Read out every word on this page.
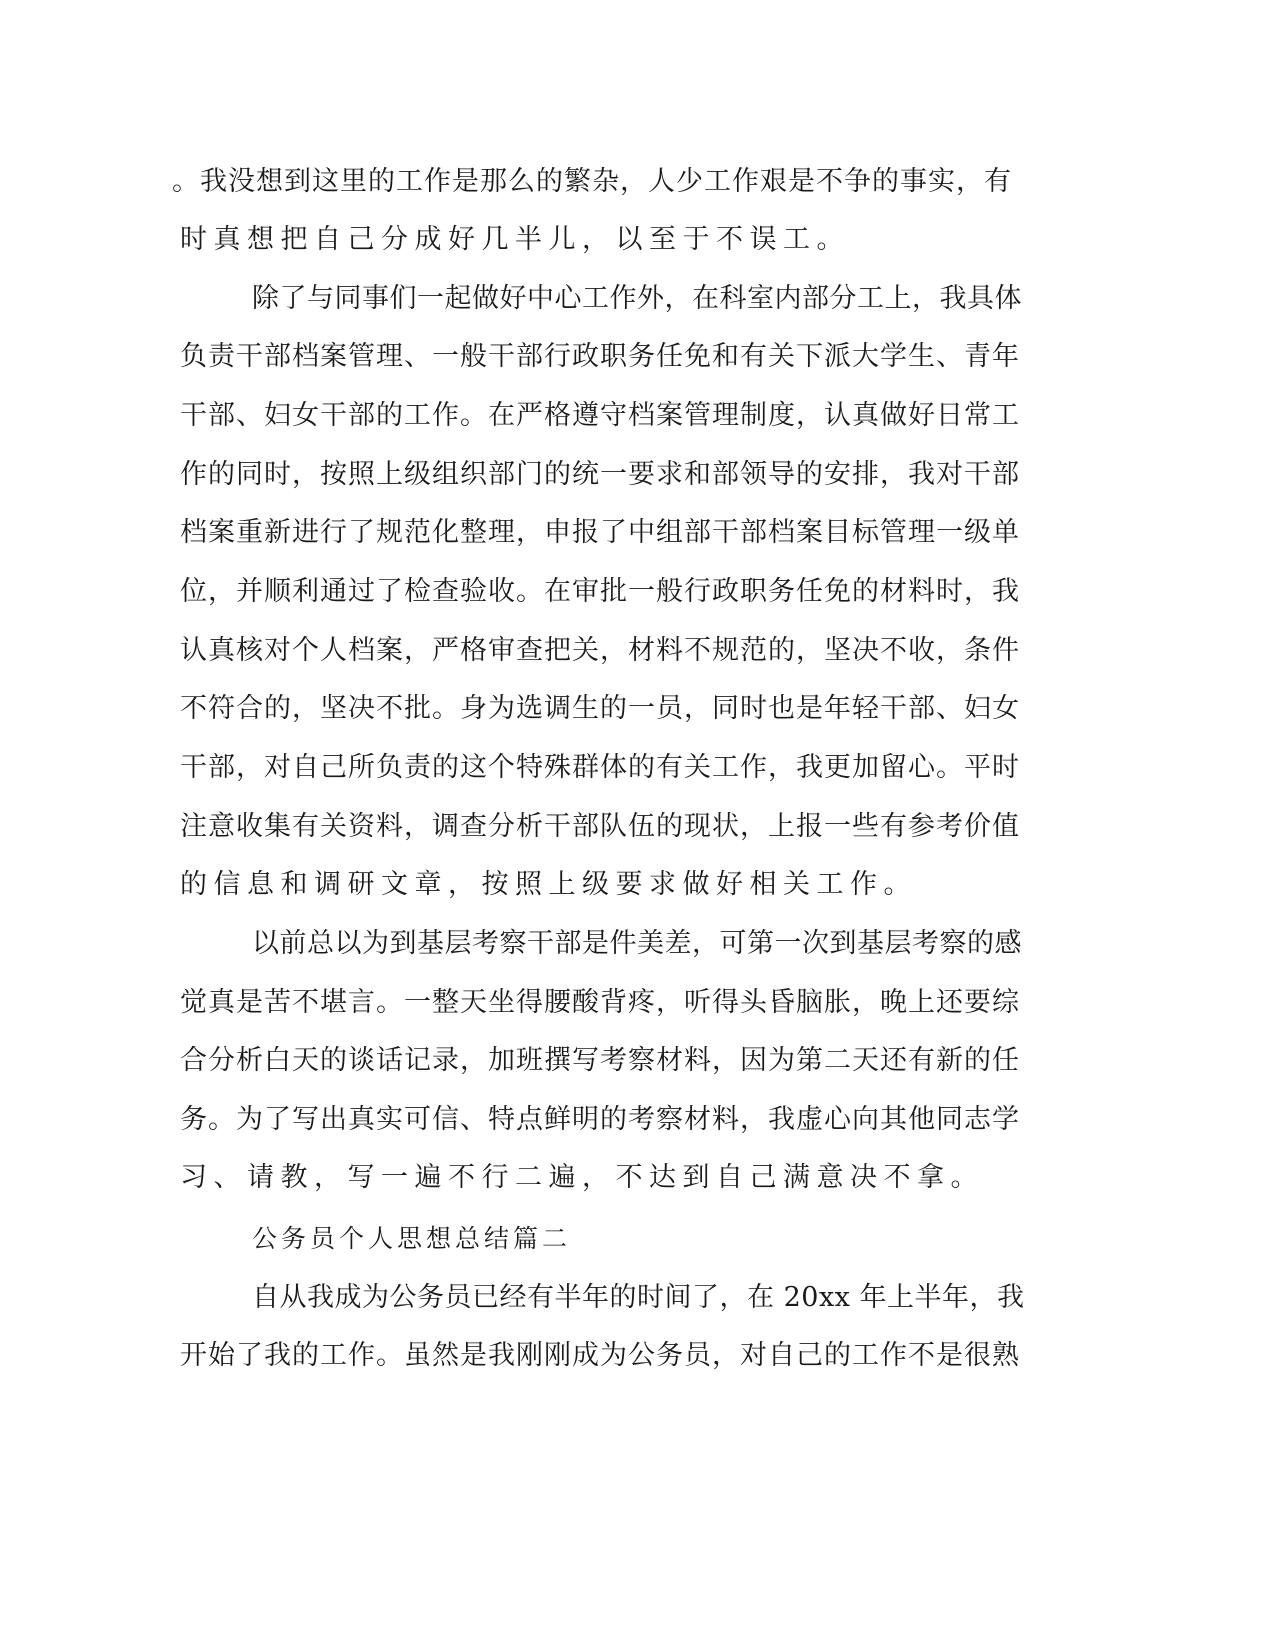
。我没想到这里的工作是那么的繁杂，人少工作艰是不争的事实，有

时真想把自己分成好几半儿，以至于不误工。

除了与同事们一起做好中心工作外，在科室内部分工上，我具体

负责干部档案管理、一般干部行政职务任免和有关下派大学生、青年

干部、妇女干部的工作。在严格遵守档案管理制度，认真做好日常工

作的同时，按照上级组织部门的统一要求和部领导的安排，我对干部

档案重新进行了规范化整理，申报了中组部干部档案目标管理一级单

位，并顺利通过了检查验收。在审批一般行政职务任免的材料时，我

认真核对个人档案，严格审查把关，材料不规范的，坚决不收，条件

不符合的，坚决不批。身为选调生的一员，同时也是年轻干部、妇女

干部，对自己所负责的这个特殊群体的有关工作，我更加留心。平时

注意收集有关资料，调查分析干部队伍的现状，上报一些有参考价值

的信息和调研文章，按照上级要求做好相关工作。

以前总以为到基层考察干部是件美差，可第一次到基层考察的感

觉真是苦不堪言。一整天坐得腰酸背疼，听得头昏脑胀，晚上还要综

合分析白天的谈话记录，加班撰写考察材料，因为第二天还有新的任

务。为了写出真实可信、特点鲜明的考察材料，我虚心向其他同志学

习、请教，写一遍不行二遍，不达到自己满意决不拿。

公务员个人思想总结篇二

自从我成为公务员已经有半年的时间了，在 20xx 年上半年，我

开始了我的工作。虽然是我刚刚成为公务员，对自己的工作不是很熟
